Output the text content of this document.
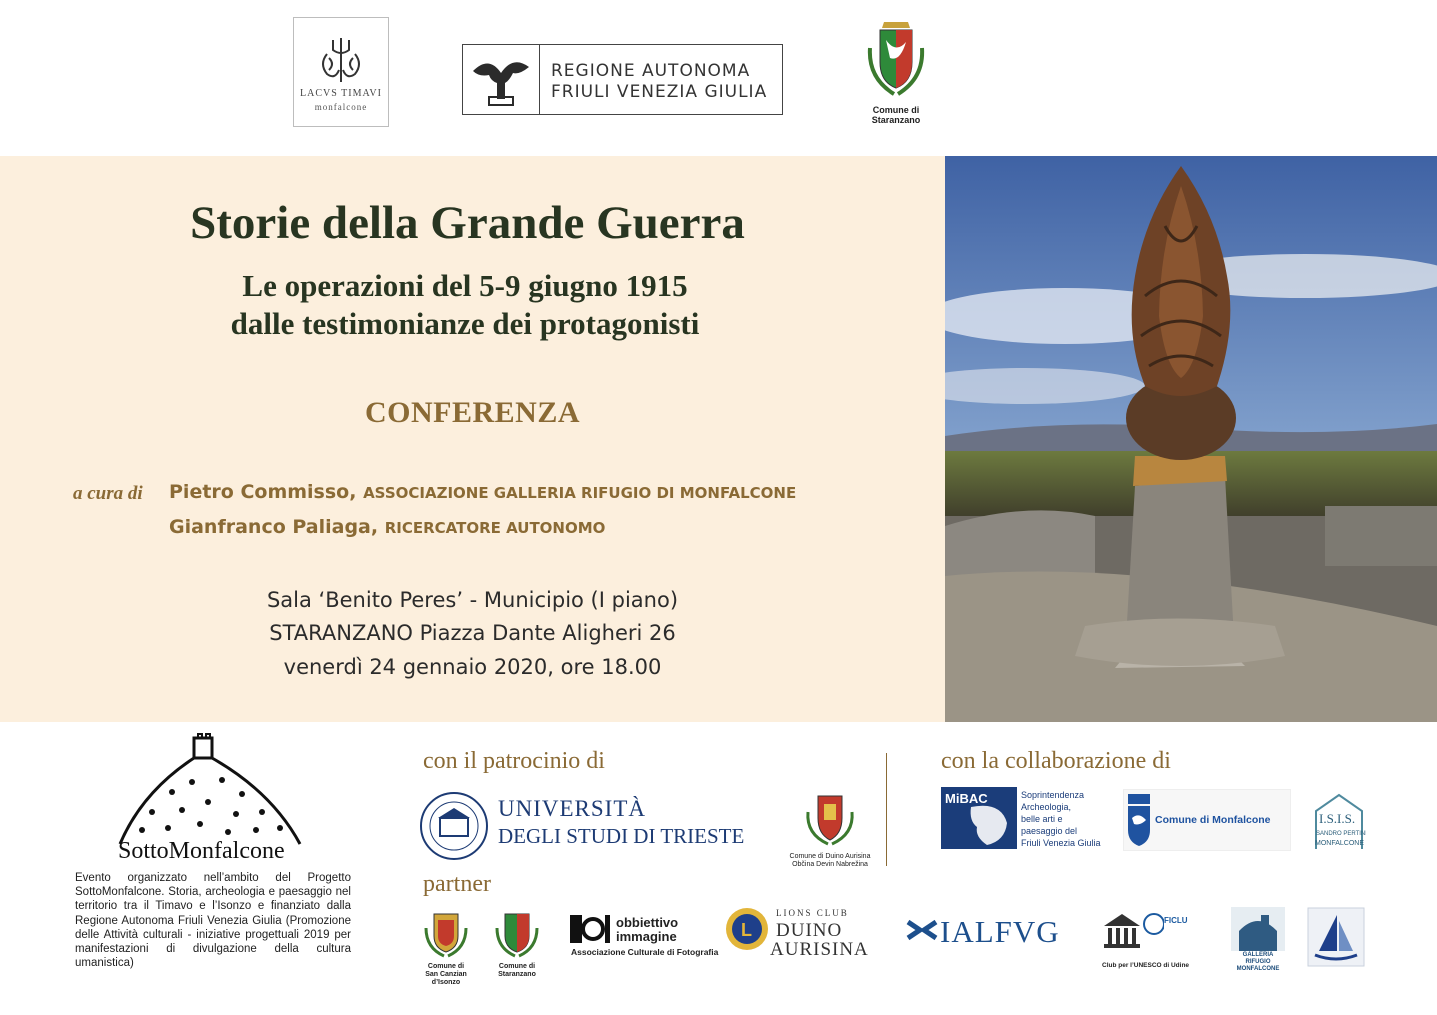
LACVS TIMAVI
monfalcone
REGIONE AUTONOMA
FRIULI VENEZIA GIULIA
Comune di
Staranzano
Storie della Grande Guerra
Le operazioni del 5-9 giugno 1915
dalle testimonianze dei protagonisti
CONFERENZA
a cura di Pietro Commisso, ASSOCIAZIONE GALLERIA RIFUGIO DI MONFALCONE
Gianfranco Paliaga, RICERCATORE AUTONOMO
Sala ‘Benito Peres’ - Municipio (I piano)
STARANZANO Piazza Dante Aligheri 26
venerdì 24 gennaio 2020, ore 18.00
SottoMonfalcone
Evento organizzato nell’ambito del Progetto SottoMonfalcone. Storia, archeologia e paesaggio nel territorio tra il Timavo e l’Isonzo e finanziato dalla Regione Autonoma Friuli Venezia Giulia (Promozione delle Attività culturali - iniziative progettuali 2019 per manifestazioni di divulgazione della cultura umanistica)
con il patrocinio di	con la collaborazione di
partner
UNIVERSITÀ
DEGLI STUDI DI TRIESTE
Comune di Duino Aurisina
Občina Devin Nabrežina
MiBAC	Soprintendenza
Archeologia,
belle arti e
paesaggio del
Friuli Venezia Giulia
Comune di Monfalcone	I.S.I.S.
SANDRO PERTINI
MONFALCONE
Comune di
San Canzian d’Isonzo
Comune di
Staranzano
obbiettivo
immagine
Associazione Culturale di Fotografia
L
LIONS CLUB
DUINO
AURISINA
IALFVG	FICLU
Club per l’UNESCO di Udine
GALLERIA RIFUGIO
MONFALCONE
